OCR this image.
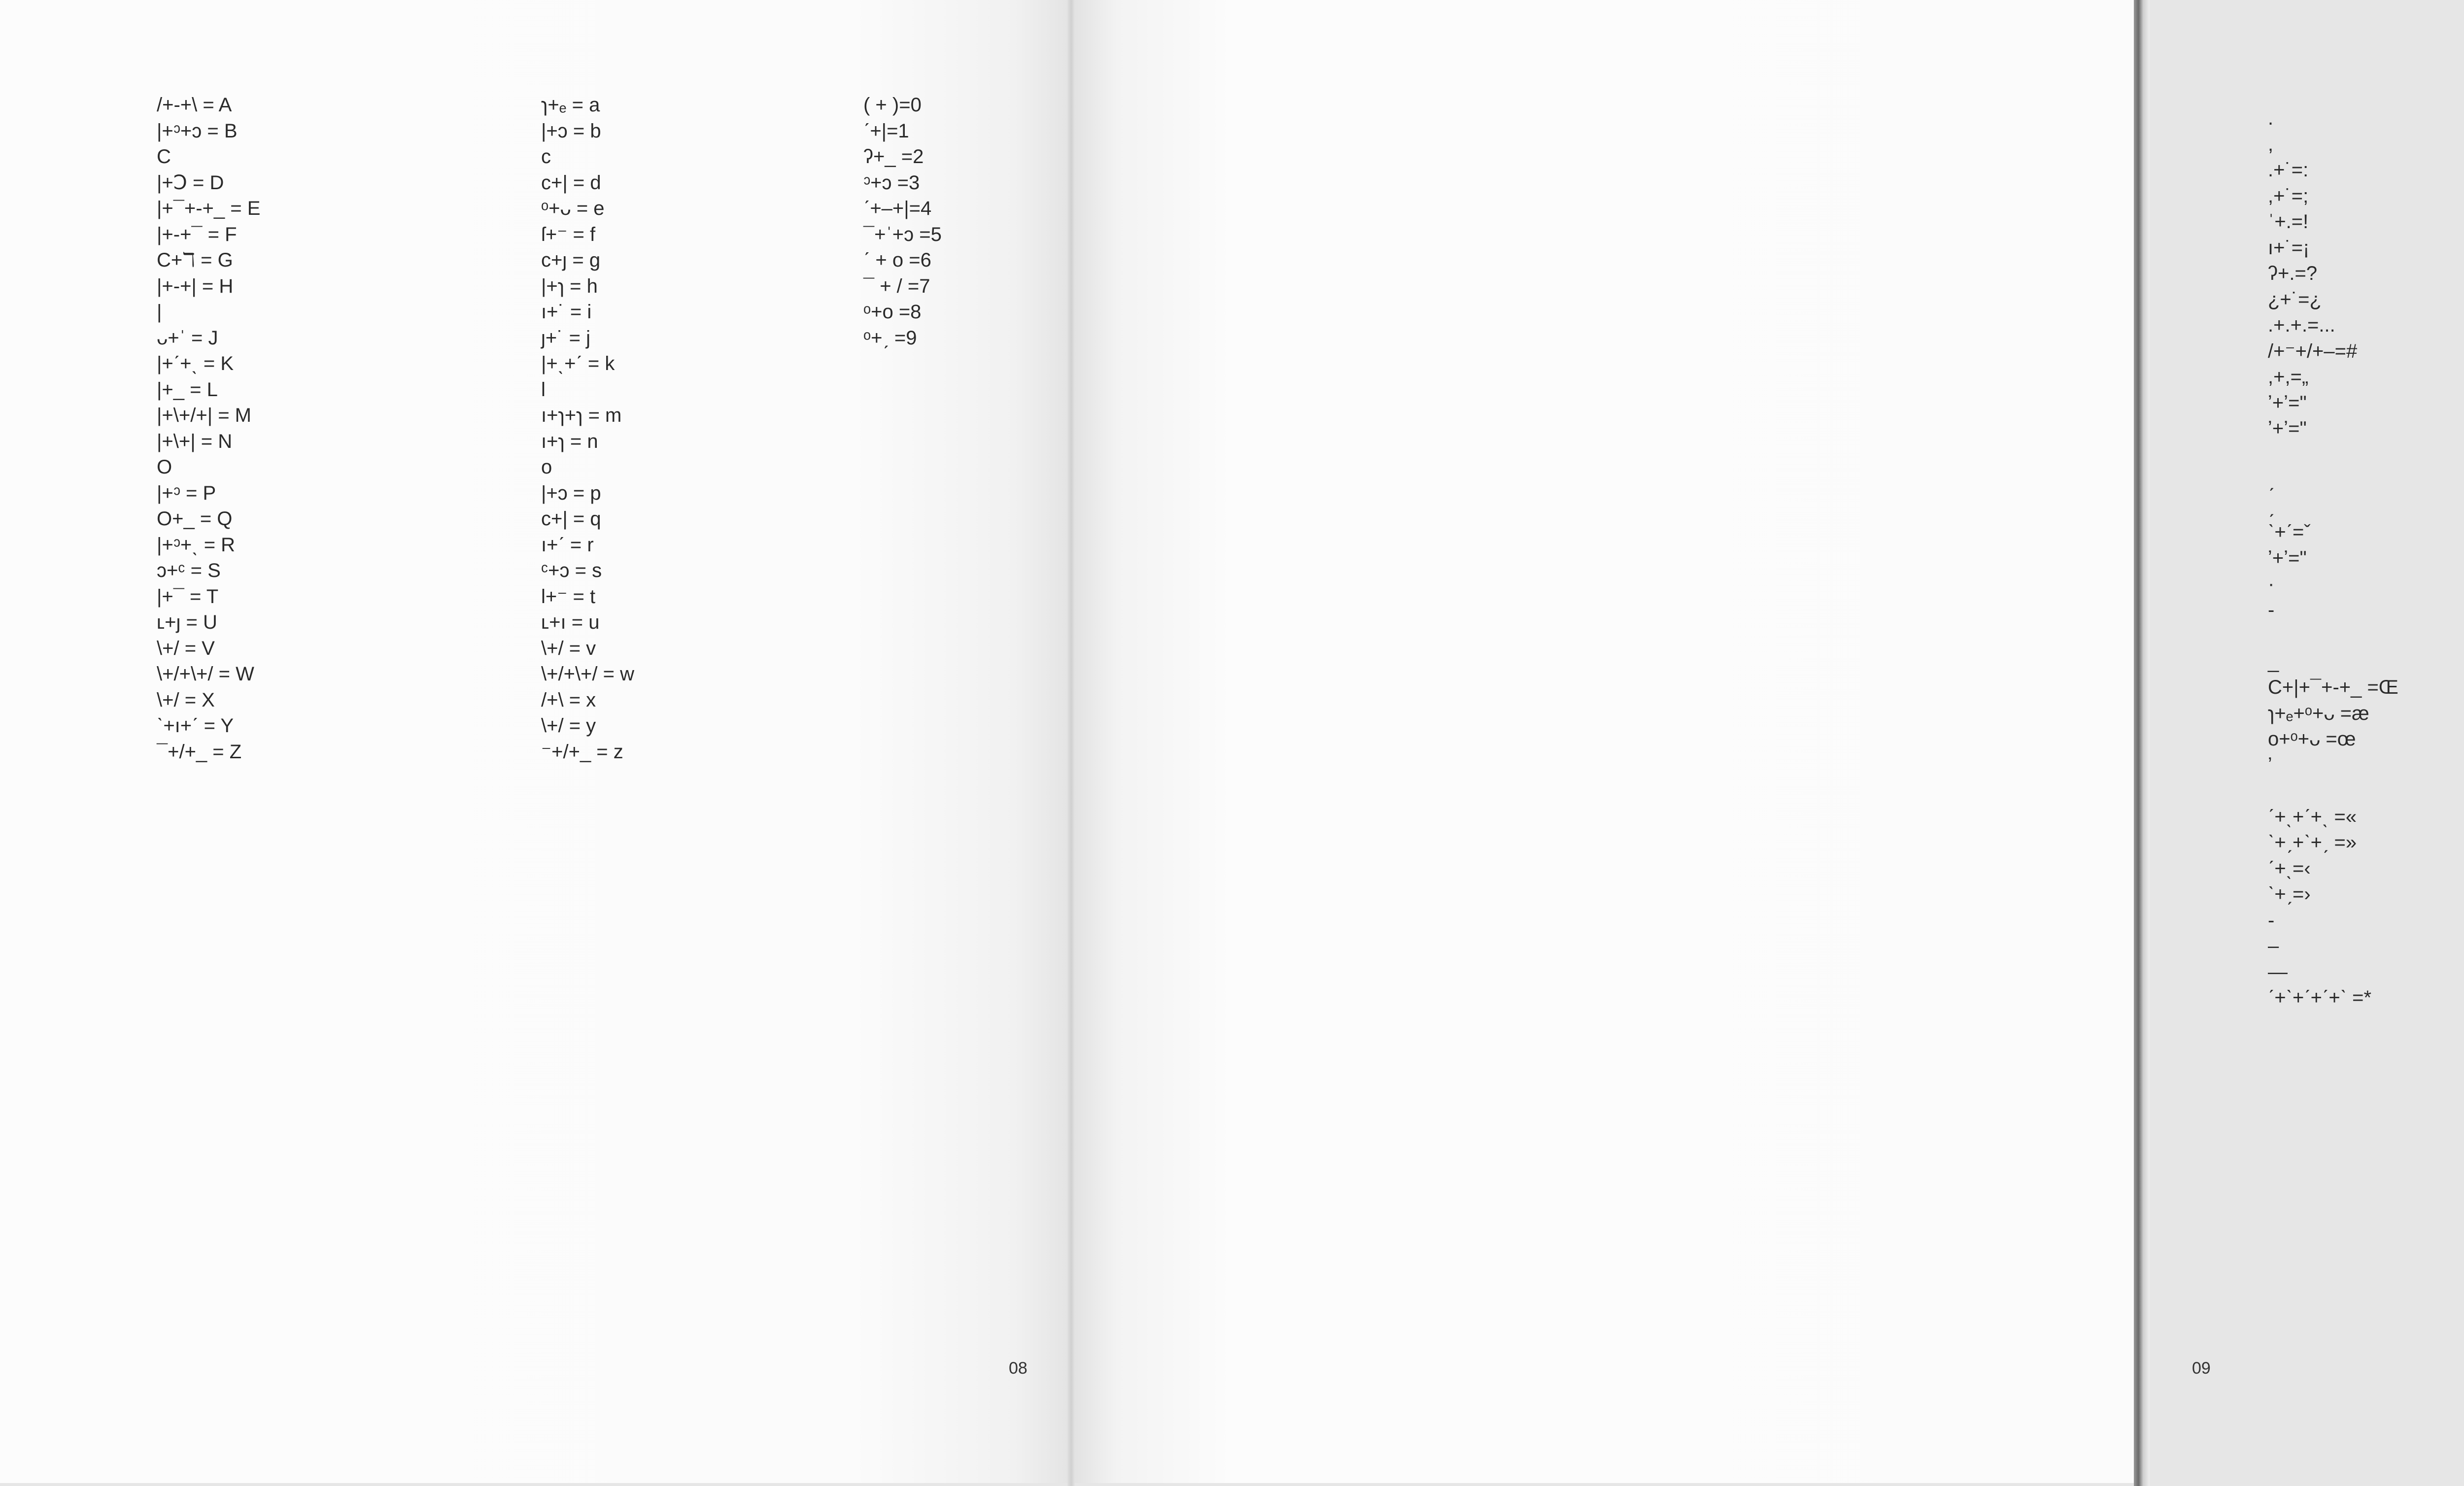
/+-+\ = A
|+ᵓ+ↄ = B
C
|+Ↄ = D
|+¯+-+_ = E
|+-+¯ = F
C+ℸ = G
|+-+| = H
|
ᴗ+ˈ = J
|+ˊ+ˎ = K
|+_ = L
|+\+/+| = M
|+\+| = N
O
|+ᵓ = P
O+_ = Q
|+ᵓ+ˎ = R
ↄ+ᶜ = S
|+¯ = T
ʟ+ȷ = U
\+/ = V
\+/+\+/ = W
\+/ = X
ˋ+ı+ˊ = Y
¯+/+_ = Z
ɿ+ₑ = a
|+ↄ = b
c
c+| = d
ᵒ+ᴗ = e
ſ+⁻ = f
c+ȷ = g
|+ɿ = h
ı+˙ = i
ȷ+˙ = j
|+ˎ+ˊ = k
l
ı+ɿ+ɿ = m
ı+ɿ = n
o
|+ↄ = p
c+| = q
ı+ˊ = r
ᶜ+ↄ = s
l+⁻ = t
ʟ+ı = u
\+/ = v
\+/+\+/ = w
/+\ = x
\+/ = y
⁻+/+_ = z
( + )=0
ˊ+|=1
ʔ+_ =2
ᵓ+ↄ =3
ˊ+–+|=4
¯+ˈ+ↄ =5
ˊ + o =6
¯ + / =7
ᵒ+o =8
ᵒ+ˏ =9
08
.
,
.+˙=:
,+˙=;
ˈ+.=!
ı+˙=¡
ʔ+.=?
¿+˙=¿
.+.+.=...
/+⁻+/+–=#
,+,=„
ʼ+ʼ="
ʼ+ʼ="
ˏ
ˏ
ˋ+ˊ=ˇ
ʼ+ʼ="
·
-
_
C+|+¯+-+_ =Œ
ɿ+ₑ+ᵒ+ᴗ =æ
o+ᵒ+ᴗ =œ
ʼ
ˊ+ˎ+ˊ+ˎ =«
ˋ+ˏ+ˋ+ˏ =»
ˊ+ˎ=‹
ˋ+ˏ=›
-
–
—
ˊ+ˋ+ˊ+ˊ+ˋ =*
09
